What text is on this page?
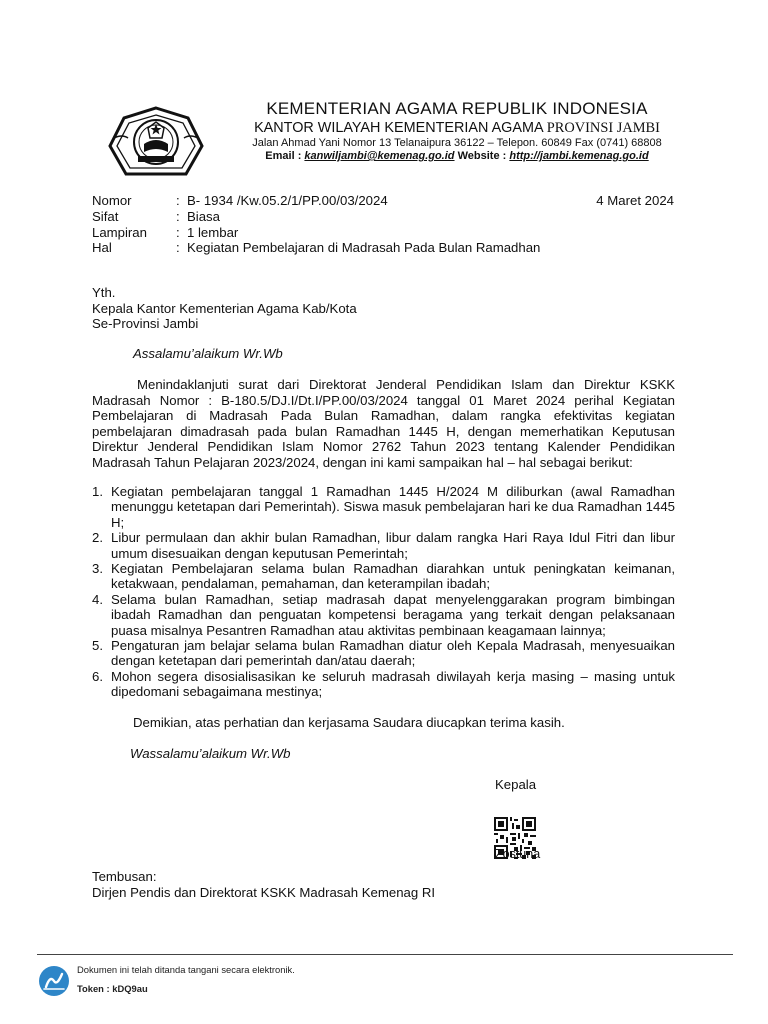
KEMENTERIAN AGAMA REPUBLIK INDONESIA
KANTOR WILAYAH KEMENTERIAN AGAMA PROVINSI JAMBI
Jalan Ahmad Yani Nomor 13 Telanaipura 36122 – Telepon. 60849 Fax (0741) 68808
Email : kanwiljambi@kemenag.go.id Website : http://jambi.kemenag.go.id
Nomor	: B- 1934 /Kw.05.2/1/PP.00/03/2024
Sifat	: Biasa
Lampiran : 1 lembar
Hal	: Kegiatan Pembelajaran di Madrasah Pada Bulan Ramadhan
4 Maret 2024
Yth.
Kepala Kantor Kementerian Agama Kab/Kota
Se-Provinsi Jambi
Assalamu’alaikum Wr.Wb
Menindaklanjuti surat dari Direktorat Jenderal Pendidikan Islam dan Direktur KSKK Madrasah Nomor : B-180.5/DJ.I/Dt.I/PP.00/03/2024 tanggal 01 Maret 2024 perihal Kegiatan Pembelajaran di Madrasah Pada Bulan Ramadhan, dalam rangka efektivitas kegiatan pembelajaran dimadrasah pada bulan Ramadhan 1445 H, dengan memerhatikan Keputusan Direktur Jenderal Pendidikan Islam Nomor 2762 Tahun 2023 tentang Kalender Pendidikan Madrasah Tahun Pelajaran 2023/2024, dengan ini kami sampaikan hal – hal sebagai berikut:
1. Kegiatan pembelajaran tanggal 1 Ramadhan 1445 H/2024 M diliburkan (awal Ramadhan menunggu ketetapan dari Pemerintah). Siswa masuk pembelajaran hari ke dua Ramadhan 1445 H;
2. Libur permulaan dan akhir bulan Ramadhan, libur dalam rangka Hari Raya Idul Fitri dan libur umum disesuaikan dengan keputusan Pemerintah;
3. Kegiatan Pembelajaran selama bulan Ramadhan diarahkan untuk peningkatan keimanan, ketakwaan, pendalaman, pemahaman, dan keterampilan ibadah;
4. Selama bulan Ramadhan, setiap madrasah dapat menyelenggarakan program bimbingan ibadah Ramadhan dan penguatan kompetensi beragama yang terkait dengan pelaksanaan puasa misalnya Pesantren Ramadhan atau aktivitas pembinaan keagamaan lainnya;
5. Pengaturan jam belajar selama bulan Ramadhan diatur oleh Kepala Madrasah, menyesuaikan dengan ketetapan dari pemerintah dan/atau daerah;
6. Mohon segera disosialisasikan ke seluruh madrasah diwilayah kerja masing – masing untuk dipedomani sebagaimana mestinya;
Demikian, atas perhatian dan kerjasama Saudara diucapkan terima kasih.
Wassalamu’alaikum Wr.Wb
Kepala
Zostuna
Tembusan:
Dirjen Pendis dan Direktorat KSKK Madrasah Kemenag RI
Dokumen ini telah ditanda tangani secara elektronik.
Token : kDQ9au
